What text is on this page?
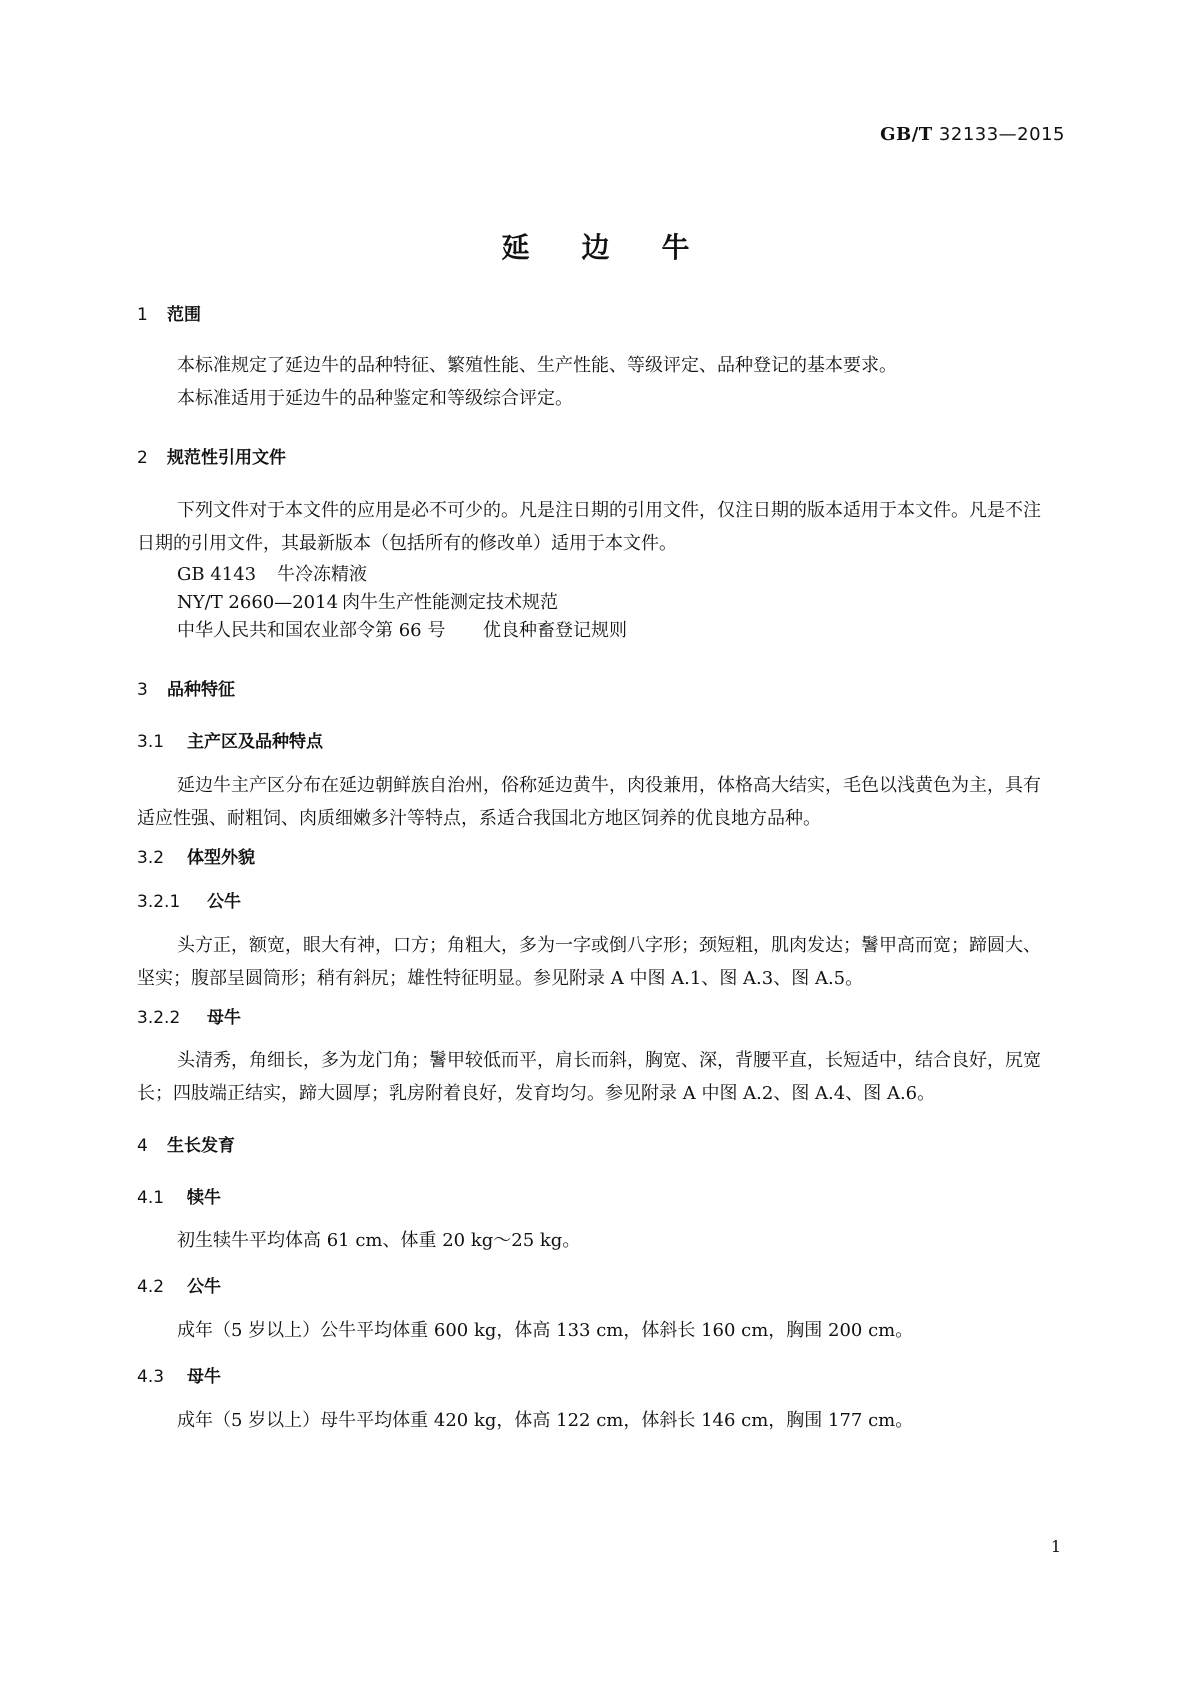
GB/T 32133—2015
延边牛
1 范围
本标准规定了延边牛的品种特征、繁殖性能、生产性能、等级评定、品种登记的基本要求。
本标准适用于延边牛的品种鉴定和等级综合评定。
2 规范性引用文件
下列文件对于本文件的应用是必不可少的。凡是注日期的引用文件，仅注日期的版本适用于本文件。凡是不注日期的引用文件，其最新版本（包括所有的修改单）适用于本文件。
GB 4143 牛冷冻精液
NY/T 2660—2014 肉牛生产性能测定技术规范
中华人民共和国农业部令第 66 号 优良种畜登记规则
3 品种特征
3.1 主产区及品种特点
延边牛主产区分布在延边朝鲜族自治州，俗称延边黄牛，肉役兼用，体格高大结实，毛色以浅黄色为主，具有适应性强、耐粗饲、肉质细嫩多汁等特点，系适合我国北方地区饲养的优良地方品种。
3.2 体型外貌
3.2.1 公牛
头方正，额宽，眼大有神，口方；角粗大，多为一字或倒八字形；颈短粗，肌肉发达；鬐甲高而宽；蹄圆大、坚实；腹部呈圆筒形；稍有斜尻；雄性特征明显。参见附录 A 中图 A.1、图 A.3、图 A.5。
3.2.2 母牛
头清秀，角细长，多为龙门角；鬐甲较低而平，肩长而斜，胸宽、深，背腰平直，长短适中，结合良好，尻宽长；四肢端正结实，蹄大圆厚；乳房附着良好，发育均匀。参见附录 A 中图 A.2、图 A.4、图 A.6。
4 生长发育
4.1 犊牛
初生犊牛平均体高 61 cm、体重 20 kg～25 kg。
4.2 公牛
成年（5 岁以上）公牛平均体重 600 kg，体高 133 cm，体斜长 160 cm，胸围 200 cm。
4.3 母牛
成年（5 岁以上）母牛平均体重 420 kg，体高 122 cm，体斜长 146 cm，胸围 177 cm。
1
